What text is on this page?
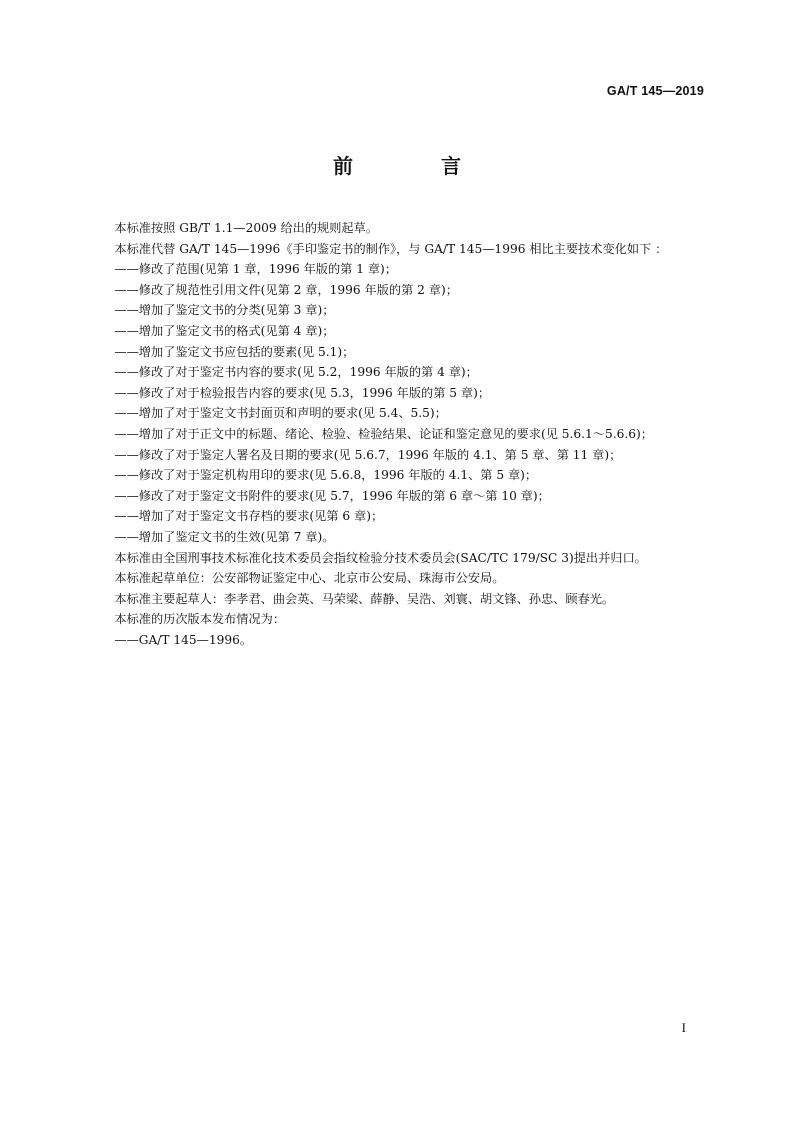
GA/T 145—2019
前　言

本标准按照 GB/T 1.1—2009 给出的规则起草。

本标准代替 GA/T 145—1996《手印鉴定书的制作》，与 GA/T 145—1996 相比主要技术变化如下 ：

——修改了范围(见第 1 章，1996 年版的第 1 章)；

——修改了规范性引用文件(见第 2 章，1996 年版的第 2 章)；

——增加了鉴定文书的分类(见第 3 章)；

——增加了鉴定文书的格式(见第 4 章)；

——增加了鉴定文书应包括的要素(见 5.1)；

——修改了对于鉴定书内容的要求(见 5.2，1996 年版的第 4 章)；

——修改了对于检验报告内容的要求(见 5.3，1996 年版的第 5 章)；

——增加了对于鉴定文书封面页和声明的要求(见 5.4、5.5)；

——增加了对于正文中的标题、绪论、检验、检验结果、论证和鉴定意见的要求(见 5.6.1～5.6.6)；

——修改了对于鉴定人署名及日期的要求(见 5.6.7，1996 年版的 4.1、第 5 章、第 11 章)；

——修改了对于鉴定机构用印的要求(见 5.6.8，1996 年版的 4.1、第 5 章)；

——修改了对于鉴定文书附件的要求(见 5.7，1996 年版的第 6 章～第 10 章)；

——增加了对于鉴定文书存档的要求(见第 6 章)；

——增加了鉴定文书的生效(见第 7 章)。

本标准由全国刑事技术标准化技术委员会指纹检验分技术委员会(SAC/TC 179/SC 3)提出并归口。

本标准起草单位：公安部物证鉴定中心、北京市公安局、珠海市公安局。

本标准主要起草人：李孝君、曲会英、马荣梁、薛静、吴浩、刘寰、胡文锋、孙忠、顾春光。

本标准的历次版本发布情况为：

——GA/T 145—1996。

I
